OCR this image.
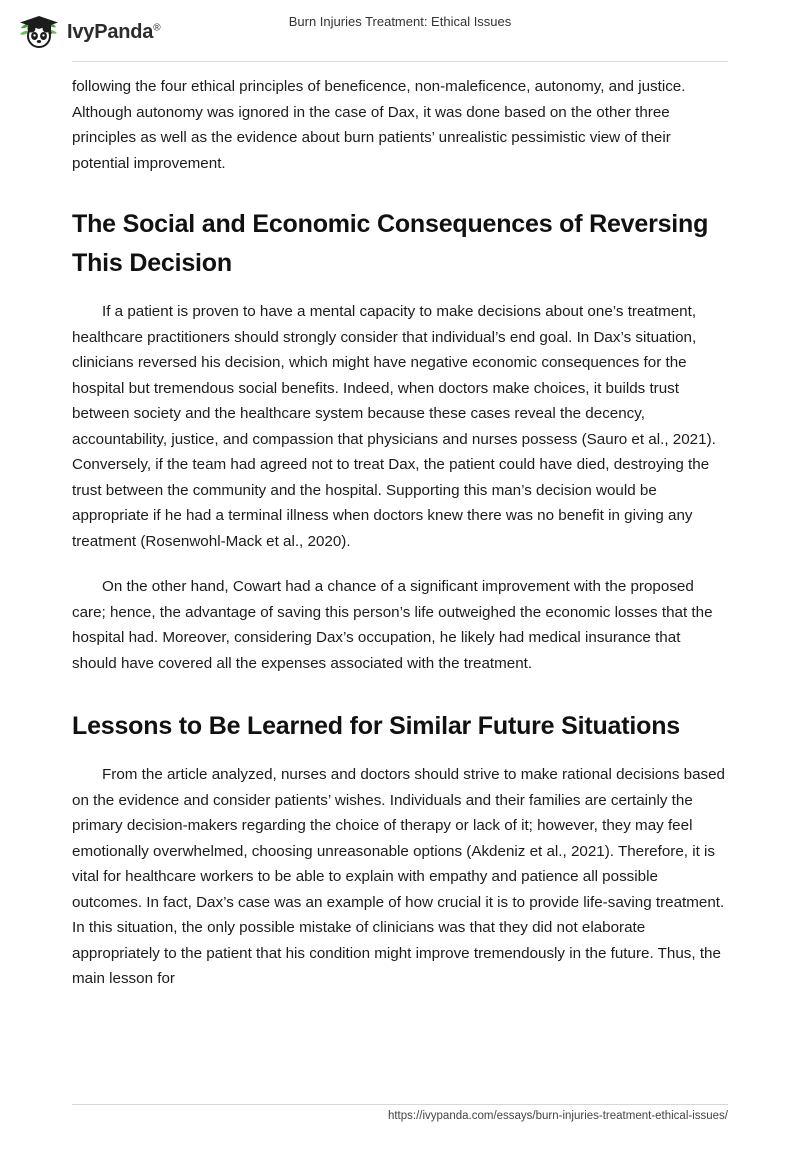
IvyPanda®	Burn Injuries Treatment: Ethical Issues

following the four ethical principles of beneficence, non-maleficence, autonomy, and justice. Although autonomy was ignored in the case of Dax, it was done based on the other three principles as well as the evidence about burn patients’ unrealistic pessimistic view of their potential improvement.

The Social and Economic Consequences of Reversing This Decision

If a patient is proven to have a mental capacity to make decisions about one’s treatment, healthcare practitioners should strongly consider that individual’s end goal. In Dax’s situation, clinicians reversed his decision, which might have negative economic consequences for the hospital but tremendous social benefits. Indeed, when doctors make choices, it builds trust between society and the healthcare system because these cases reveal the decency, accountability, justice, and compassion that physicians and nurses possess (Sauro et al., 2021). Conversely, if the team had agreed not to treat Dax, the patient could have died, destroying the trust between the community and the hospital. Supporting this man’s decision would be appropriate if he had a terminal illness when doctors knew there was no benefit in giving any treatment (Rosenwohl-Mack et al., 2020).

On the other hand, Cowart had a chance of a significant improvement with the proposed care; hence, the advantage of saving this person’s life outweighed the economic losses that the hospital had. Moreover, considering Dax’s occupation, he likely had medical insurance that should have covered all the expenses associated with the treatment.

Lessons to Be Learned for Similar Future Situations

From the article analyzed, nurses and doctors should strive to make rational decisions based on the evidence and consider patients’ wishes. Individuals and their families are certainly the primary decision-makers regarding the choice of therapy or lack of it; however, they may feel emotionally overwhelmed, choosing unreasonable options (Akdeniz et al., 2021). Therefore, it is vital for healthcare workers to be able to explain with empathy and patience all possible outcomes. In fact, Dax’s case was an example of how crucial it is to provide life-saving treatment. In this situation, the only possible mistake of clinicians was that they did not elaborate appropriately to the patient that his condition might improve tremendously in the future. Thus, the main lesson for

https://ivypanda.com/essays/burn-injuries-treatment-ethical-issues/
